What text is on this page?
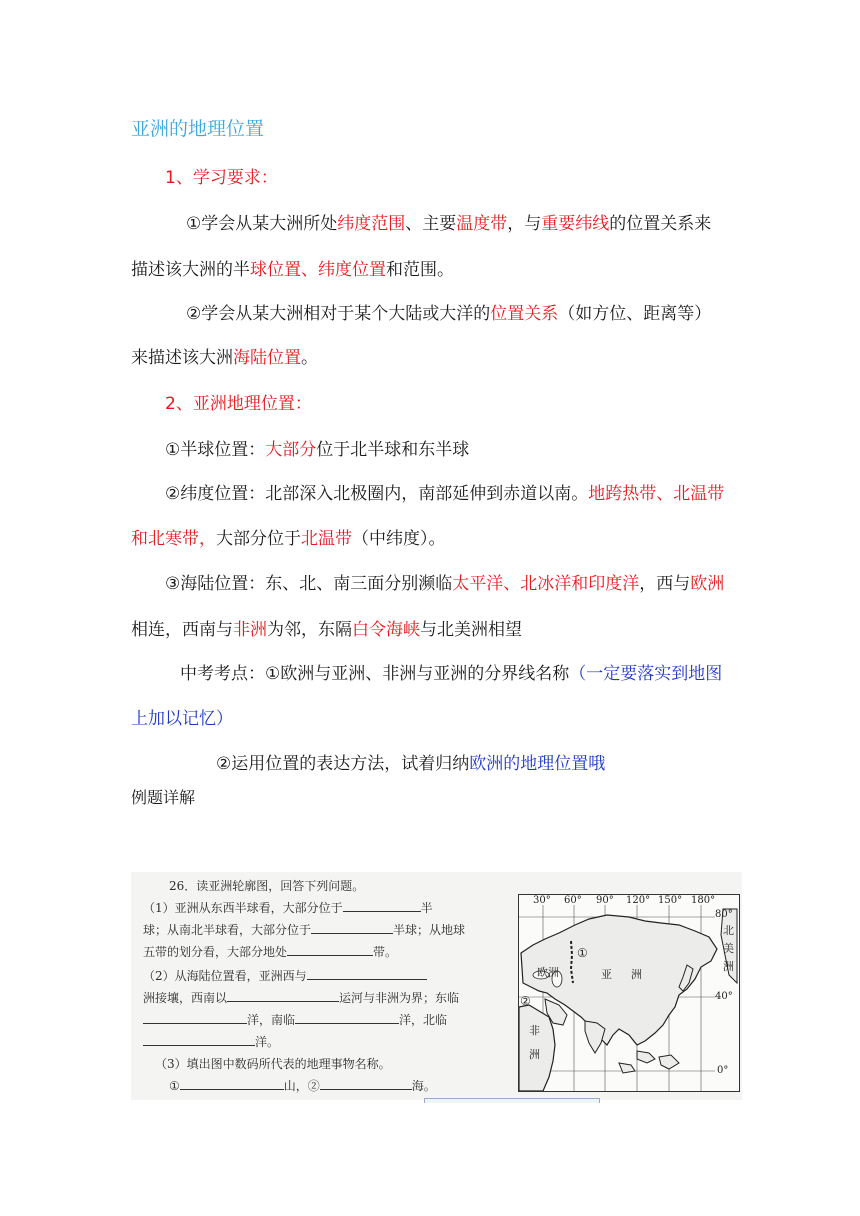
亚洲的地理位置
1、学习要求：
①学会从某大洲所处纬度范围、主要温度带，与重要纬线的位置关系来
描述该大洲的半球位置、纬度位置和范围。
②学会从某大洲相对于某个大陆或大洋的位置关系（如方位、距离等）
来描述该大洲海陆位置。
2、亚洲地理位置：
①半球位置：大部分位于北半球和东半球
②纬度位置：北部深入北极圈内，南部延伸到赤道以南。地跨热带、北温带
和北寒带，大部分位于北温带（中纬度）。
③海陆位置：东、北、南三面分别濒临太平洋、北冰洋和印度洋，西与欧洲
相连，西南与非洲为邻，东隔白令海峡与北美洲相望
中考考点：①欧洲与亚洲、非洲与亚洲的分界线名称（一定要落实到地图
上加以记忆）
②运用位置的表达方法，试着归纳欧洲的地理位置哦
例题详解
26．读亚洲轮廓图，回答下列问题。
（1）亚洲从东西半球看，大部分位于	半
球；从南北半球看，大部分位于	半球；从地球
五带的划分看，大部分地处	带。
（2）从海陆位置看，亚洲西与
洲接壤，西南以	运河与非洲为界；东临
洋，南临	洋，北临
洋。
（3）填出图中数码所代表的地理事物名称。
①	山，②	海。
30° 60° 90° 120° 150° 180°
80°
40°
0°
北
美
洲
欧洲	亚 洲
非
洲
①
②
